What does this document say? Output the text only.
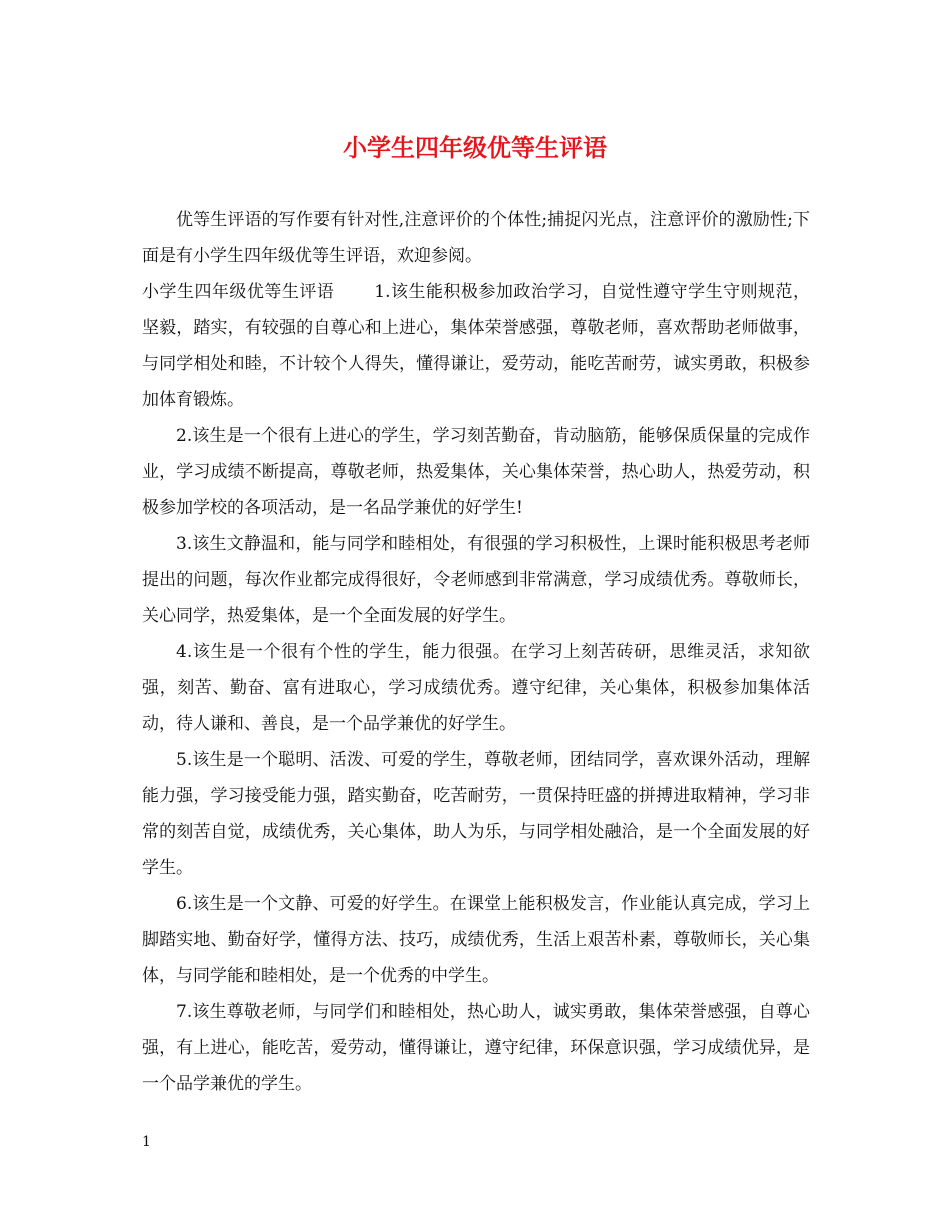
小学生四年级优等生评语

优等生评语的写作要有针对性,注意评价的个体性;捕捉闪光点，注意评价的激励性;下面是有小学生四年级优等生评语，欢迎参阅。

小学生四年级优等生评语 1.该生能积极参加政治学习，自觉性遵守学生守则规范，坚毅，踏实，有较强的自尊心和上进心，集体荣誉感强，尊敬老师，喜欢帮助老师做事，与同学相处和睦，不计较个人得失，懂得谦让，爱劳动，能吃苦耐劳，诚实勇敢，积极参加体育锻炼。

2.该生是一个很有上进心的学生，学习刻苦勤奋，肯动脑筋，能够保质保量的完成作业，学习成绩不断提高，尊敬老师，热爱集体，关心集体荣誉，热心助人，热爱劳动，积极参加学校的各项活动，是一名品学兼优的好学生!

3.该生文静温和，能与同学和睦相处，有很强的学习积极性，上课时能积极思考老师提出的问题，每次作业都完成得很好，令老师感到非常满意，学习成绩优秀。尊敬师长，关心同学，热爱集体，是一个全面发展的好学生。

4.该生是一个很有个性的学生，能力很强。在学习上刻苦砖研，思维灵活，求知欲强，刻苦、勤奋、富有进取心，学习成绩优秀。遵守纪律，关心集体，积极参加集体活动，待人谦和、善良，是一个品学兼优的好学生。

5.该生是一个聪明、活泼、可爱的学生，尊敬老师，团结同学，喜欢课外活动，理解能力强，学习接受能力强，踏实勤奋，吃苦耐劳，一贯保持旺盛的拼搏进取精神，学习非常的刻苦自觉，成绩优秀，关心集体，助人为乐，与同学相处融洽，是一个全面发展的好学生。

6.该生是一个文静、可爱的好学生。在课堂上能积极发言，作业能认真完成，学习上脚踏实地、勤奋好学，懂得方法、技巧，成绩优秀，生活上艰苦朴素，尊敬师长，关心集体，与同学能和睦相处，是一个优秀的中学生。

7.该生尊敬老师，与同学们和睦相处，热心助人，诚实勇敢，集体荣誉感强，自尊心强，有上进心，能吃苦，爱劳动，懂得谦让，遵守纪律，环保意识强，学习成绩优异，是一个品学兼优的学生。

1
